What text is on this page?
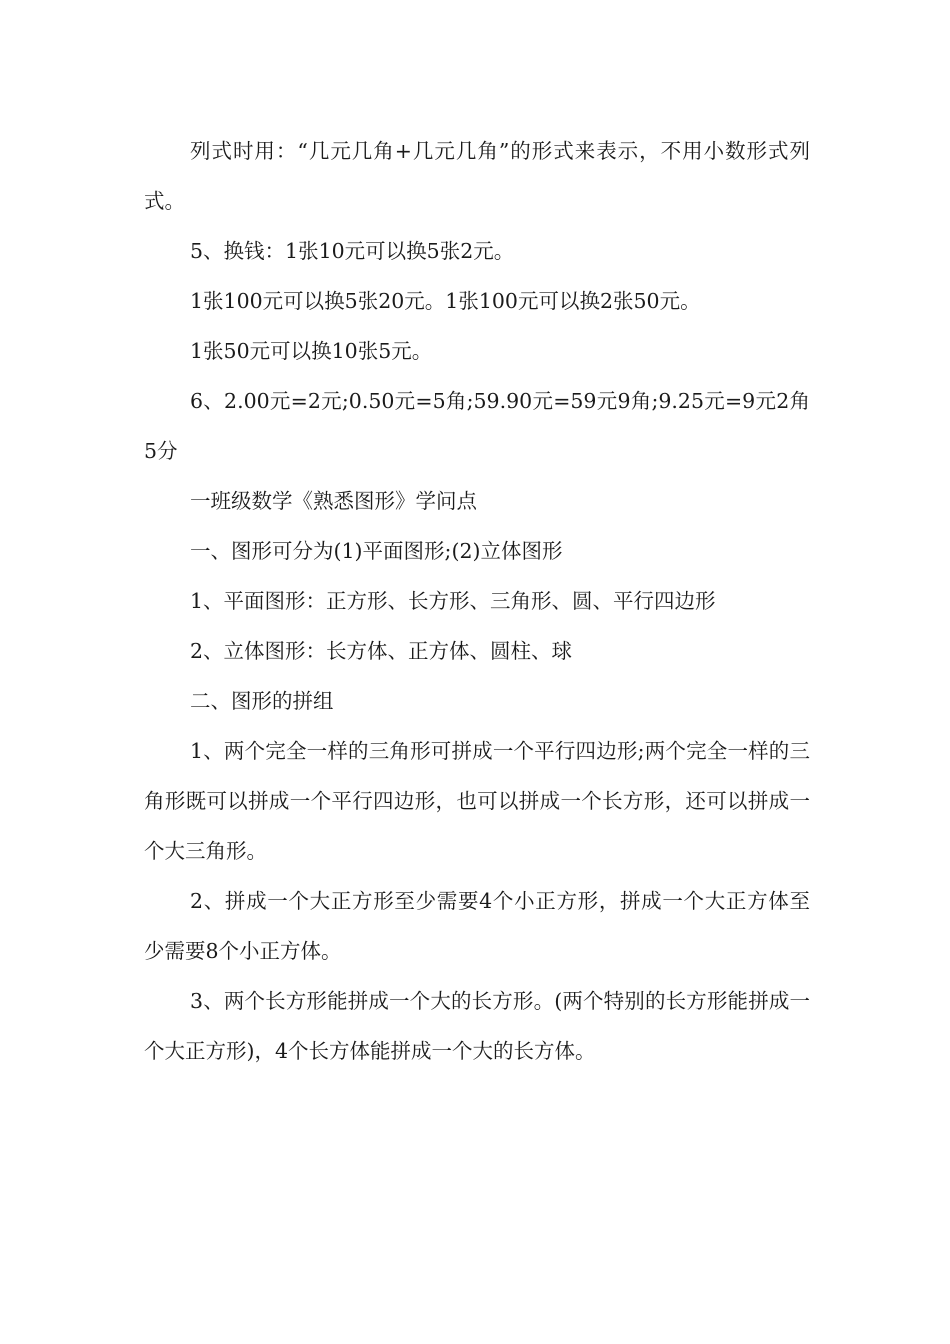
列式时用：“几元几角+几元几角”的形式来表示，不用小数形式列式。

5、换钱：1张10元可以换5张2元。

1张100元可以换5张20元。1张100元可以换2张50元。

1张50元可以换10张5元。

6、2.00元=2元;0.50元=5角;59.90元=59元9角;9.25元=9元2角5分

一班级数学《熟悉图形》学问点

一、图形可分为(1)平面图形;(2)立体图形

1、平面图形：正方形、长方形、三角形、圆、平行四边形

2、立体图形：长方体、正方体、圆柱、球

二、图形的拼组

1、两个完全一样的三角形可拼成一个平行四边形;两个完全一样的三角形既可以拼成一个平行四边形，也可以拼成一个长方形，还可以拼成一个大三角形。

2、拼成一个大正方形至少需要4个小正方形，拼成一个大正方体至少需要8个小正方体。

3、两个长方形能拼成一个大的长方形。(两个特别的长方形能拼成一个大正方形)，4个长方体能拼成一个大的长方体。
